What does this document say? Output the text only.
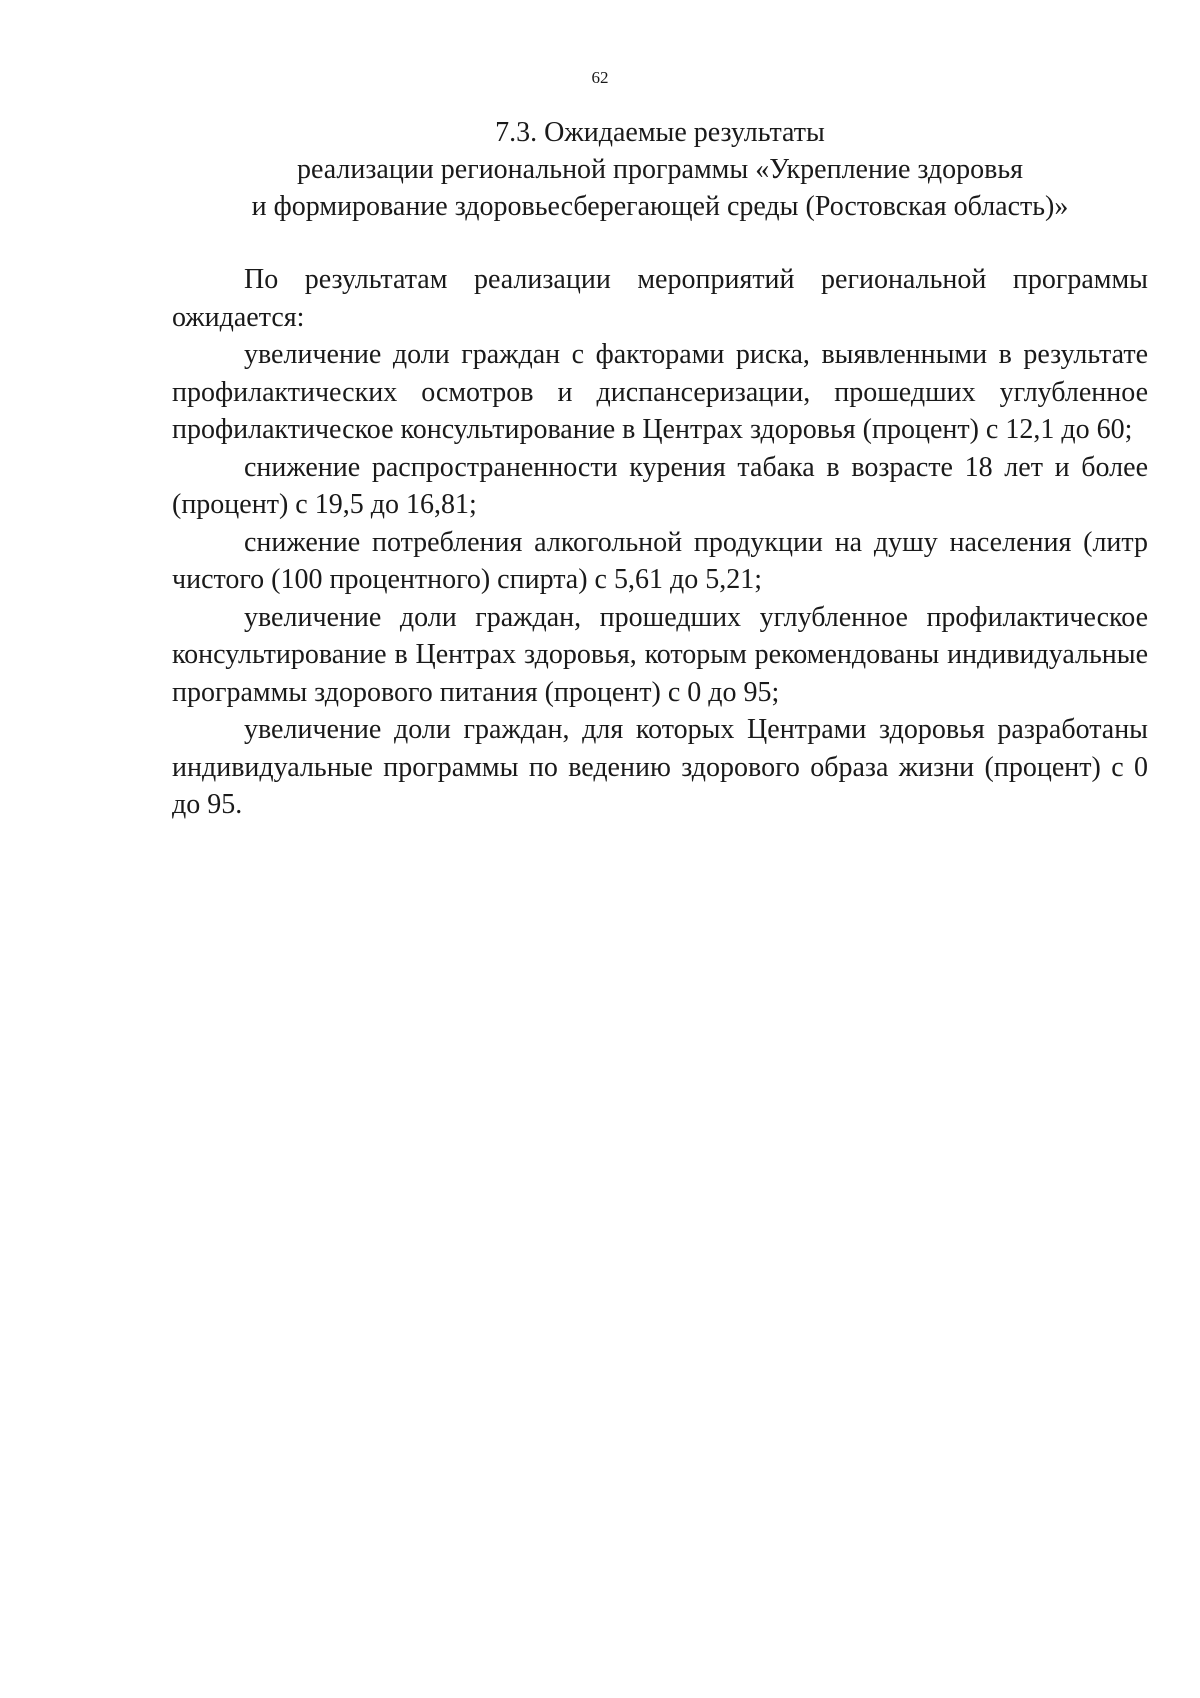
62
7.3. Ожидаемые результаты
реализации региональной программы «Укрепление здоровья
и формирование здоровьесберегающей среды (Ростовская область)»

По результатам реализации мероприятий региональной программы ожидается:

увеличение доли граждан с факторами риска, выявленными в результате профилактических осмотров и диспансеризации, прошедших углубленное профилактическое консультирование в Центрах здоровья (процент) с 12,1 до 60;

снижение распространенности курения табака в возрасте 18 лет и более (процент) с 19,5 до 16,81;

снижение потребления алкогольной продукции на душу населения (литр чистого (100 процентного) спирта) с 5,61 до 5,21;

увеличение доли граждан, прошедших углубленное профилактическое консультирование в Центрах здоровья, которым рекомендованы индивидуальные программы здорового питания (процент) с 0 до 95;

увеличение доли граждан, для которых Центрами здоровья разработаны индивидуальные программы по ведению здорового образа жизни (процент) с 0 до 95.
